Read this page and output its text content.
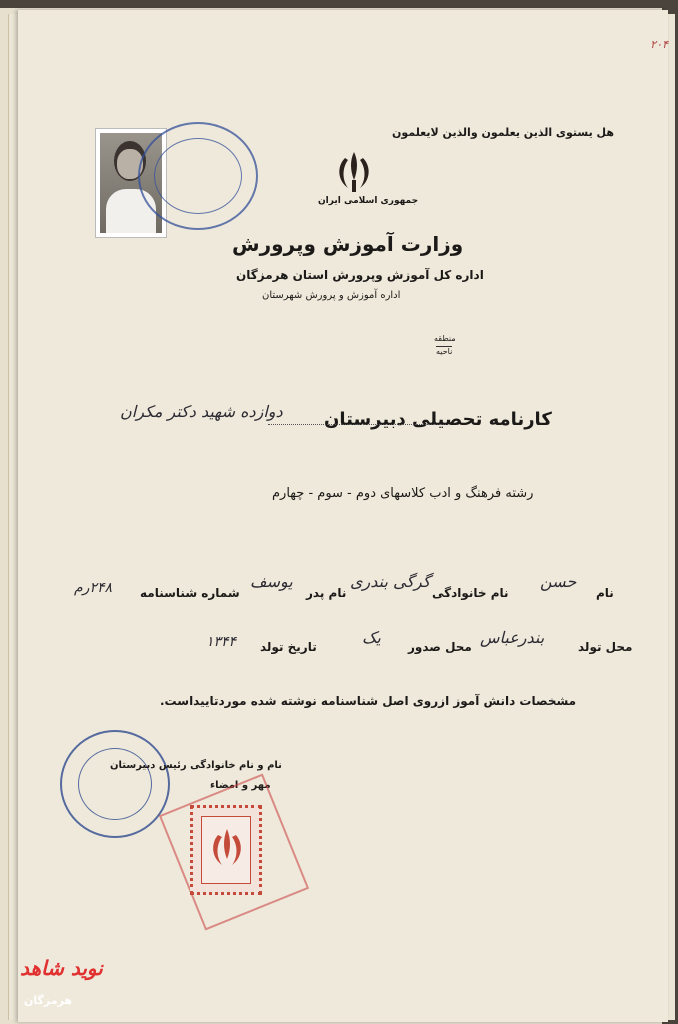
۲۰۴
هل یستوی الذین یعلمون والذین لایعلمون
جمهوری اسلامی ایران
وزارت آموزش وپرورش
اداره کل آموزش وپرورش استان هرمزگان
اداره آموزش و پرورش شهرستان
منطقه
ناحیه
کارنامه تحصیلی دبیرستان
دوازده شهید دکتر مکران
رشته فرهنگ و ادب کلاسهای دوم - سوم - چهارم
نام
حسن
نام خانوادگی
گرگی بندری
نام پدر
یوسف
شماره شناسنامه
۲۴۸رم
محل تولد
بندرعباس
محل صدور
یک
تاریخ تولد
۱۳۴۴
مشخصات دانش آموز ازروی اصل شناسنامه نوشته شده موردتاییداست.
نام و نام خانوادگی رئیس دبیرستان
مهر و امضاء
نوید شاهد
هرمزگان
